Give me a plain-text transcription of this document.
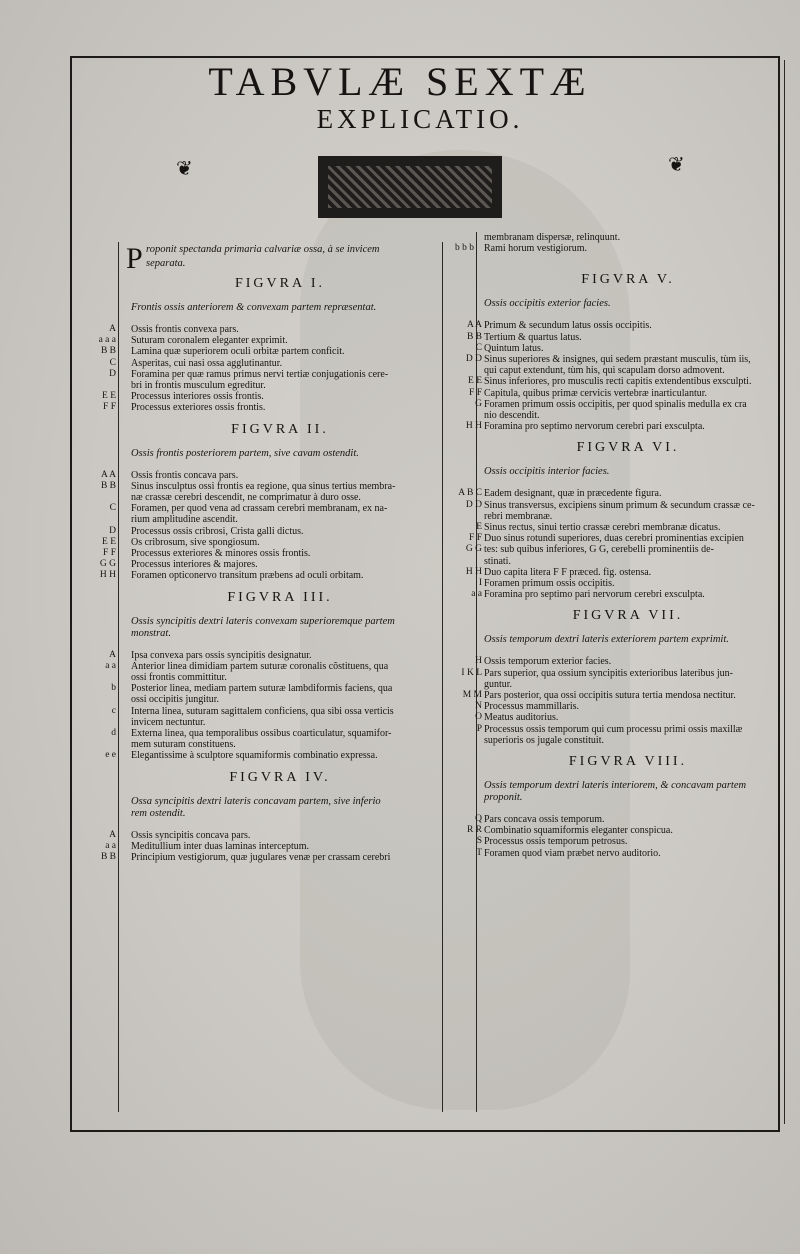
TABVLÆ SEXTÆ
EXPLICATIO.
❦	❦
P roponit spectanda primaria calvariæ ossa, à se invicem
separata.
FIGVRA I.
Frontis ossis anteriorem & convexam partem repræsentat.
A Ossis frontis convexa pars.
a a a Suturam coronalem eleganter exprimit.
B B Lamina quæ superiorem oculi orbitæ partem conficit.
C Asperitas, cui nasi ossa agglutinantur.
D Foramina per quæ ramus primus nervi tertiæ conjugationis cere-
bri in frontis musculum egreditur.
E E Processus interiores ossis frontis.
F F Processus exteriores ossis frontis.
FIGVRA II.
Ossis frontis posteriorem partem, sive cavam ostendit.
A A Ossis frontis concava pars.
B B Sinus insculptus ossi frontis ea regione, qua sinus tertius membra-
næ crassæ cerebri descendit, ne comprimatur à duro osse.
C Foramen, per quod vena ad crassam cerebri membranam, ex na-
rium amplitudine ascendit.
D Processus ossis cribrosi, Crista galli dictus.
E E Os cribrosum, sive spongiosum.
F F Processus exteriores & minores ossis frontis.
G G Processus interiores & majores.
H H Foramen opticonervo transitum præbens ad oculi orbitam.
FIGVRA III.
Ossis syncipitis dextri lateris convexam superioremque partem
monstrat.
A Ipsa convexa pars ossis syncipitis designatur.
a a Anterior linea dimidiam partem suturæ coronalis cõstituens, qua
ossi frontis committitur.
b Posterior linea, mediam partem suturæ lambdiformis faciens, qua
ossi occipitis jungitur.
c Interna linea, suturam sagittalem conficiens, qua sibi ossa verticis
invicem nectuntur.
d Externa linea, qua temporalibus ossibus coarticulatur, squamifor-
mem suturam constituens.
e e Elegantissime à sculptore squamiformis combinatio expressa.
FIGVRA IV.
Ossa syncipitis dextri lateris concavam partem, sive inferio
rem ostendit.
A Ossis syncipitis concava pars.
a a Meditullium inter duas laminas interceptum.
B B Principium vestigiorum, quæ jugulares venæ per crassam cerebri
membranam dispersæ, relinquunt.
b b b Rami horum vestigiorum.
FIGVRA V.
Ossis occipitis exterior facies.
A A Primum & secundum latus ossis occipitis.
B B Tertium & quartus latus.
C Quintum latus.
D D Sinus superiores & insignes, qui sedem præstant musculis, tùm iis,
qui caput extendunt, tùm his, qui scapulam dorso admovent.
E E Sinus inferiores, pro musculis recti capitis extendentibus exsculpti.
F F Capitula, quibus primæ cervicis vertebræ inarticulantur.
G Foramen primum ossis occipitis, per quod spinalis medulla ex cra
nio descendit.
H H Foramina pro septimo nervorum cerebri pari exsculpta.
FIGVRA VI.
Ossis occipitis interior facies.
A B C Eadem designant, quæ in præcedente figura.
D D Sinus transversus, excipiens sinum primum & secundum crassæ ce-
rebri membranæ.
E Sinus rectus, sinui tertio crassæ cerebri membranæ dicatus.
F F Duo sinus rotundi superiores, duas cerebri prominentias excipien
G G tes: sub quibus inferiores, G G, cerebelli prominentiis de-
stinati.
H H Duo capita litera F F præced. fig. ostensa.
I Foramen primum ossis occipitis.
a a Foramina pro septimo pari nervorum cerebri exsculpta.
FIGVRA VII.
Ossis temporum dextri lateris exteriorem partem exprimit.
H Ossis temporum exterior facies.
I K L Pars superior, qua ossium syncipitis exterioribus lateribus jun-
guntur.
M M Pars posterior, qua ossi occipitis sutura tertia mendosa nectitur.
N Processus mammillaris.
O Meatus auditorius.
P Processus ossis temporum qui cum processu primi ossis maxillæ
superioris os jugale constituit.
FIGVRA VIII.
Ossis temporum dextri lateris interiorem, & concavam partem
proponit.
Q Pars concava ossis temporum.
R R Combinatio squamiformis eleganter conspicua.
S Processus ossis temporum petrosus.
T Foramen quod viam præbet nervo auditorio.
